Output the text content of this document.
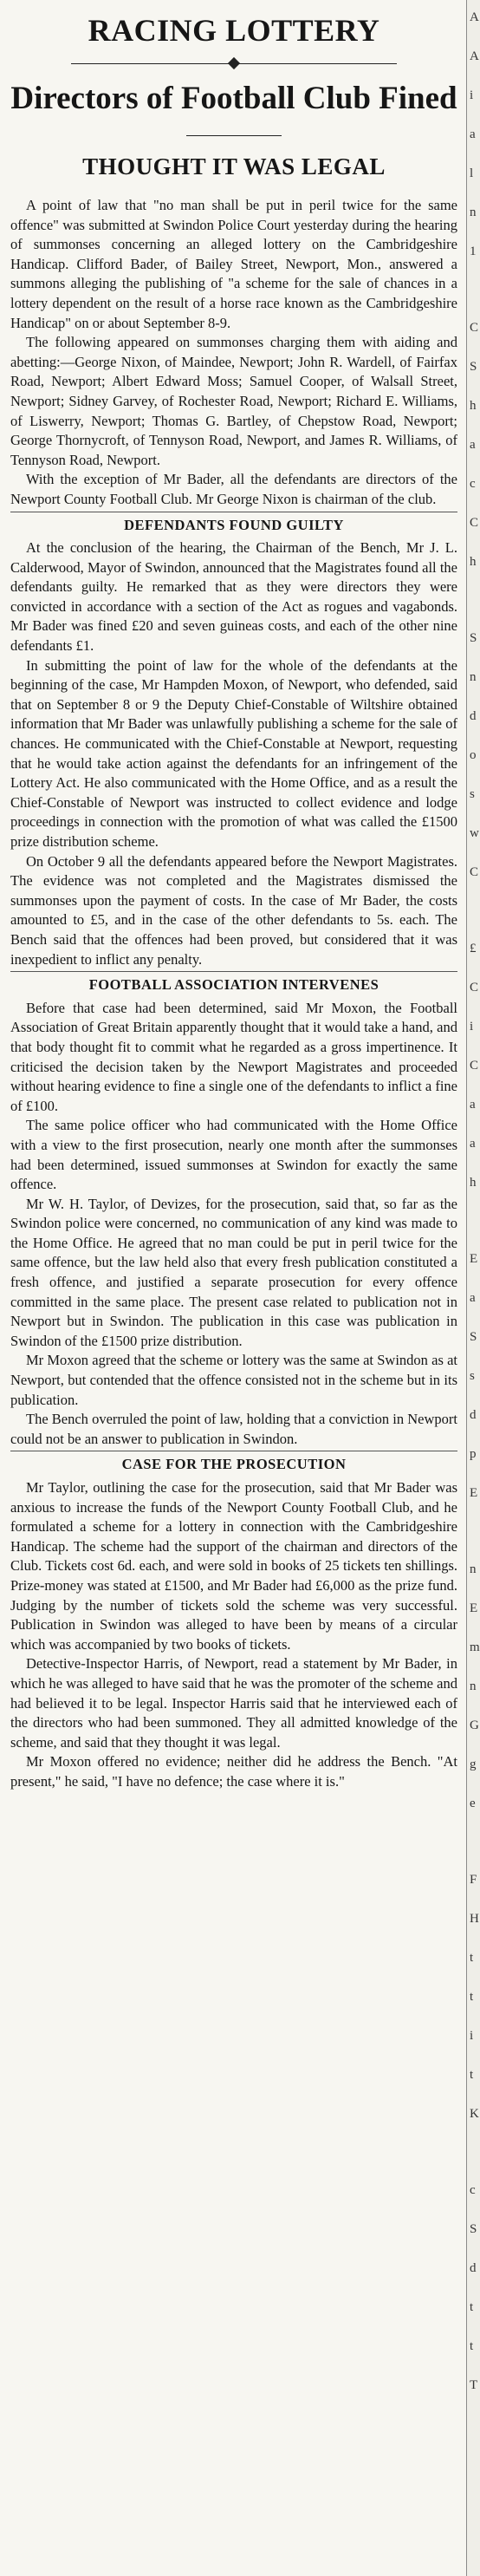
RACING LOTTERY
Directors of Football Club Fined
THOUGHT IT WAS LEGAL

A point of law that "no man shall be put in peril twice for the same offence" was submitted at Swindon Police Court yesterday during the hearing of summonses concerning an alleged lottery on the Cambridgeshire Handicap. Clifford Bader, of Bailey Street, Newport, Mon., answered a summons alleging the publishing of "a scheme for the sale of chances in a lottery dependent on the result of a horse race known as the Cambridgeshire Handicap" on or about September 8-9.

The following appeared on summonses charging them with aiding and abetting:—George Nixon, of Maindee, Newport; John R. Wardell, of Fairfax Road, Newport; Albert Edward Moss; Samuel Cooper, of Walsall Street, Newport; Sidney Garvey, of Rochester Road, Newport; Richard E. Williams, of Liswerry, Newport; Thomas G. Bartley, of Chepstow Road, Newport; George Thornycroft, of Tennyson Road, Newport, and James R. Williams, of Tennyson Road, Newport.

With the exception of Mr Bader, all the defendants are directors of the Newport County Football Club. Mr George Nixon is chairman of the club.

DEFENDANTS FOUND GUILTY

At the conclusion of the hearing, the Chairman of the Bench, Mr J. L. Calderwood, Mayor of Swindon, announced that the Magistrates found all the defendants guilty. He remarked that as they were directors they were convicted in accordance with a section of the Act as rogues and vagabonds. Mr Bader was fined £20 and seven guineas costs, and each of the other nine defendants £1.

In submitting the point of law for the whole of the defendants at the beginning of the case, Mr Hampden Moxon, of Newport, who defended, said that on September 8 or 9 the Deputy Chief-Constable of Wiltshire obtained information that Mr Bader was unlawfully publishing a scheme for the sale of chances. He communicated with the Chief-Constable at Newport, requesting that he would take action against the defendants for an infringement of the Lottery Act. He also communicated with the Home Office, and as a result the Chief-Constable of Newport was instructed to collect evidence and lodge proceedings in connection with the promotion of what was called the £1500 prize distribution scheme.

On October 9 all the defendants appeared before the Newport Magistrates. The evidence was not completed and the Magistrates dismissed the summonses upon the payment of costs. In the case of Mr Bader, the costs amounted to £5, and in the case of the other defendants to 5s. each. The Bench said that the offences had been proved, but considered that it was inexpedient to inflict any penalty.

FOOTBALL ASSOCIATION INTERVENES

Before that case had been determined, said Mr Moxon, the Football Association of Great Britain apparently thought that it would take a hand, and that body thought fit to commit what he regarded as a gross impertinence. It criticised the decision taken by the Newport Magistrates and proceeded without hearing evidence to fine a single one of the defendants to inflict a fine of £100.

The same police officer who had communicated with the Home Office with a view to the first prosecution, nearly one month after the summonses had been determined, issued summonses at Swindon for exactly the same offence.

Mr W. H. Taylor, of Devizes, for the prosecution, said that, so far as the Swindon police were concerned, no communication of any kind was made to the Home Office. He agreed that no man could be put in peril twice for the same offence, but the law held also that every fresh publication constituted a fresh offence, and justified a separate prosecution for every offence committed in the same place. The present case related to publication not in Newport but in Swindon. The publication in this case was publication in Swindon of the £1500 prize distribution.

Mr Moxon agreed that the scheme or lottery was the same at Swindon as at Newport, but contended that the offence consisted not in the scheme but in its publication.

The Bench overruled the point of law, holding that a conviction in Newport could not be an answer to publication in Swindon.

CASE FOR THE PROSECUTION

Mr Taylor, outlining the case for the prosecution, said that Mr Bader was anxious to increase the funds of the Newport County Football Club, and he formulated a scheme for a lottery in connection with the Cambridgeshire Handicap. The scheme had the support of the chairman and directors of the Club. Tickets cost 6d. each, and were sold in books of 25 tickets ten shillings. Prize-money was stated at £1500, and Mr Bader had £6,000 as the prize fund. Judging by the number of tickets sold the scheme was very successful. Publication in Swindon was alleged to have been by means of a circular which was accompanied by two books of tickets.

Detective-Inspector Harris, of Newport, read a statement by Mr Bader, in which he was alleged to have said that he was the promoter of the scheme and had believed it to be legal. Inspector Harris said that he interviewed each of the directors who had been summoned. They all admitted knowledge of the scheme, and said that they thought it was legal.

Mr Moxon offered no evidence; neither did he address the Bench. "At present," he said, "I have no defence; the case where it is."

A
A
i
a
l
n
1
C
S
h
a
c
C
h
S
n
d
o
s
w
C
£
C
i
C
a
a
h
E
a
S
s
d
p
E
n
E
m
n
G
g
e
F
H
t
t
i
t
K
c
S
d
t
t
T
